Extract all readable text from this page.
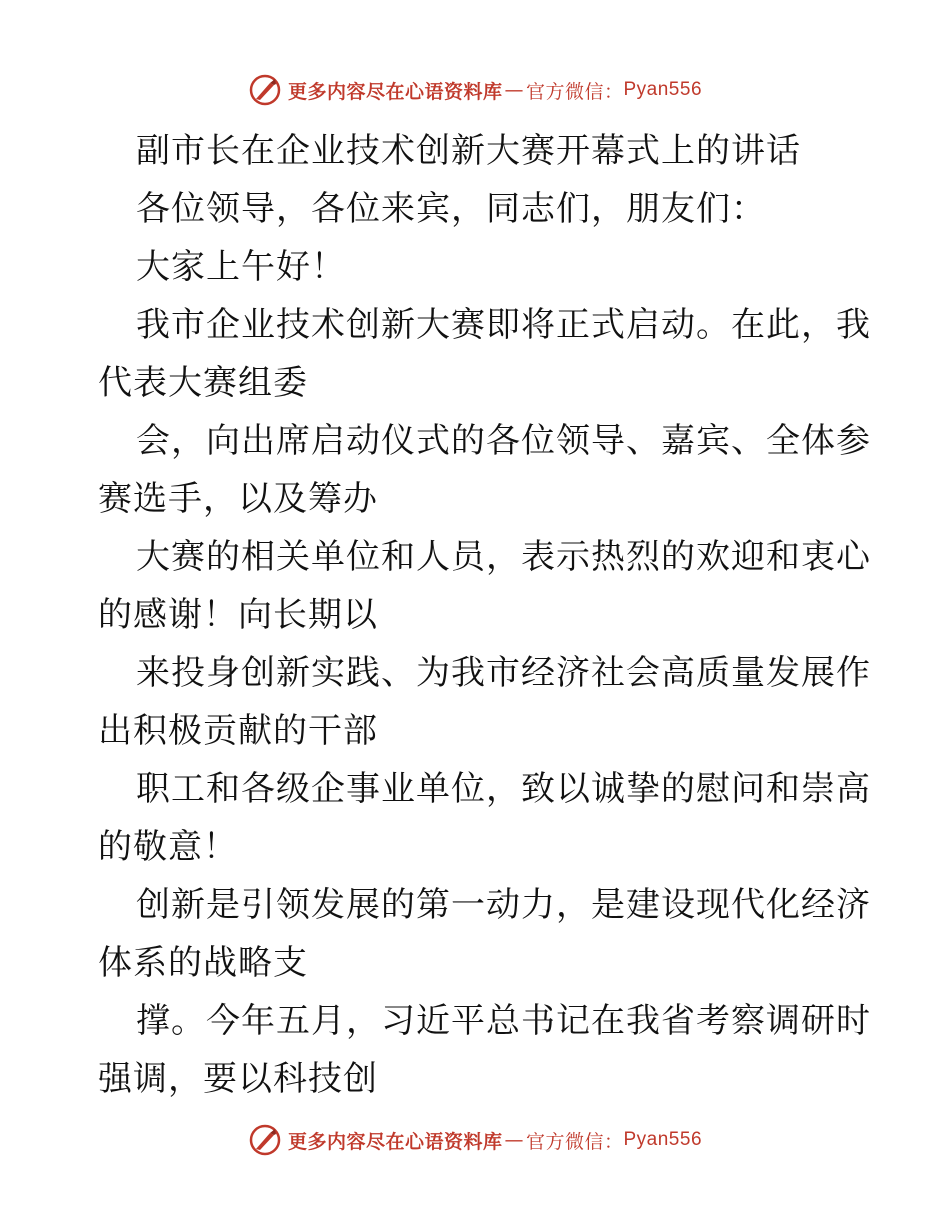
更多内容尽在心语资料库 — 官方微信： Pyan556
副市长在企业技术创新大赛开幕式上的讲话
各位领导，各位来宾，同志们，朋友们：
大家上午好！
我市企业技术创新大赛即将正式启动。在此，我
代表大赛组委
会，向出席启动仪式的各位领导、嘉宾、全体参
赛选手，以及筹办
大赛的相关单位和人员，表示热烈的欢迎和衷心
的感谢！向长期以
来投身创新实践、为我市经济社会高质量发展作
出积极贡献的干部
职工和各级企事业单位，致以诚挚的慰问和崇高
的敬意！
创新是引领发展的第一动力，是建设现代化经济
体系的战略支
撑。今年五月，习近平总书记在我省考察调研时
强调，要以科技创
更多内容尽在心语资料库 — 官方微信： Pyan556
